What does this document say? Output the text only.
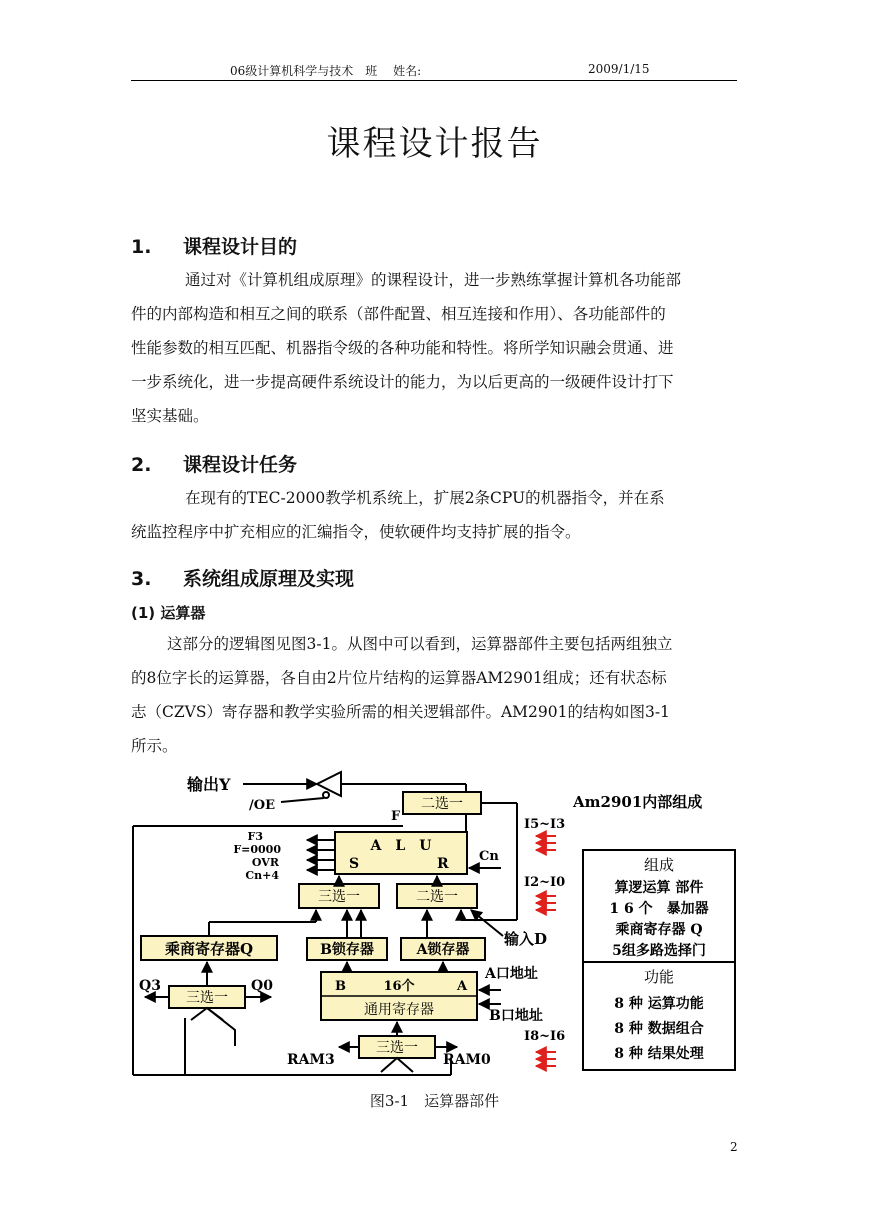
06级计算机科学与技术　班　 姓名:	2009/1/15
课程设计报告
1. 课程设计目的
通过对《计算机组成原理》的课程设计，进一步熟练掌握计算机各功能部
件的内部构造和相互之间的联系（部件配置、相互连接和作用）、各功能部件的
性能参数的相互匹配、机器指令级的各种功能和特性。将所学知识融会贯通、进
一步系统化，进一步提高硬件系统设计的能力，为以后更高的一级硬件设计打下
坚实基础。
2. 课程设计任务
在现有的TEC-2000教学机系统上，扩展2条CPU的机器指令，并在系
统监控程序中扩充相应的汇编指令，使软硬件均支持扩展的指令。
3. 系统组成原理及实现
(1) 运算器
这部分的逻辑图见图3-1。从图中可以看到，运算器部件主要包括两组独立
的8位字长的运算器，各自由2片位片结构的运算器AM2901组成；还有状态标
志（CZVS）寄存器和教学实验所需的相关逻辑部件。AM2901的结构如图3-1
所示。
输出Y
/OE	二选一
F
Am2901内部组成
I5~I3
A　L　U
S	R
F3
F=0000
OVR
Cn+4
Cn
I2~I0
三选一	二选一
乘商寄存器Q	B锁存器	A锁存器
输入D
Q3	Q0
三选一
B	16个	A
通用寄存器
A口地址
B口地址
三选一
RAM3	RAM0
I8~I6
组成
算逻运算 部件
1 6 个　暴加器
乘商寄存器 Q
5组多路选择门
功能
8 种 运算功能
8 种 数据组合
8 种 结果处理
图3-1　运算器部件
2
